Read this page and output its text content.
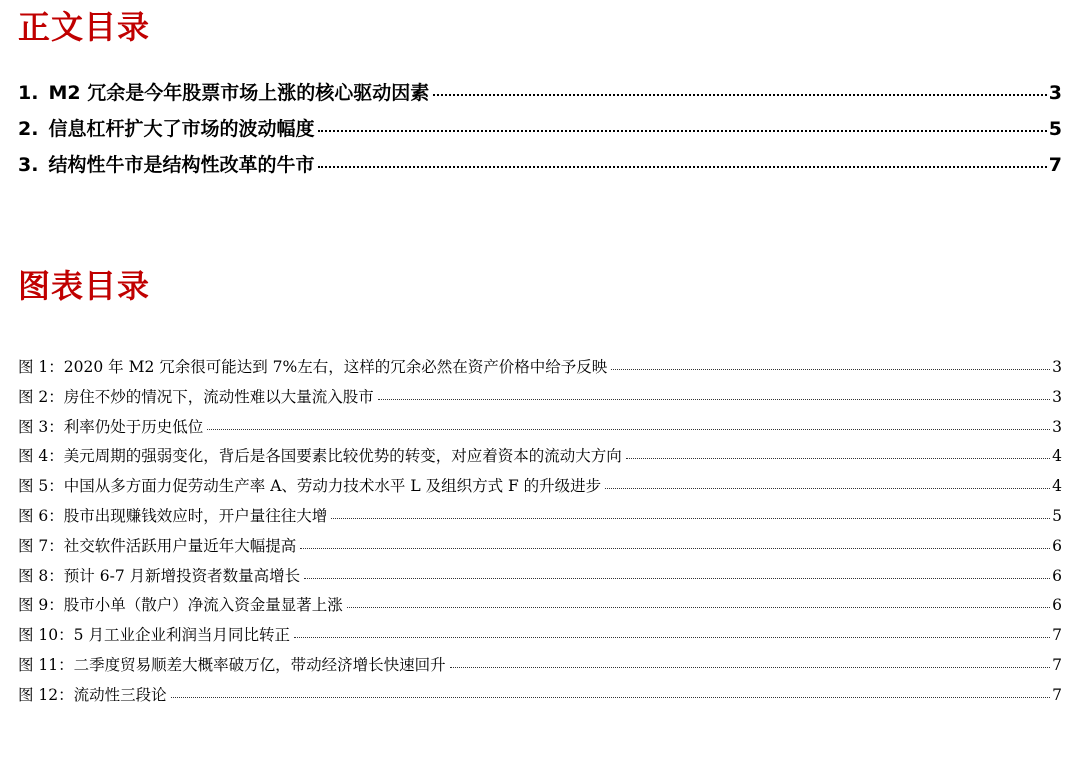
正文目录
1. M2 冗余是今年股票市场上涨的核心驱动因素	3
2. 信息杠杆扩大了市场的波动幅度	5
3. 结构性牛市是结构性改革的牛市	7
图表目录
图 1： 2020 年 M2 冗余很可能达到 7%左右，这样的冗余必然在资产价格中给予反映	3
图 2： 房住不炒的情况下，流动性难以大量流入股市	3
图 3： 利率仍处于历史低位	3
图 4： 美元周期的强弱变化，背后是各国要素比较优势的转变，对应着资本的流动大方向	4
图 5： 中国从多方面力促劳动生产率 A、劳动力技术水平 L 及组织方式 F 的升级进步	4
图 6： 股市出现赚钱效应时，开户量往往大增	5
图 7： 社交软件活跃用户量近年大幅提高	6
图 8： 预计 6-7 月新增投资者数量高增长	6
图 9： 股市小单（散户）净流入资金量显著上涨	6
图 10： 5 月工业企业利润当月同比转正	7
图 11： 二季度贸易顺差大概率破万亿，带动经济增长快速回升	7
图 12： 流动性三段论	7
